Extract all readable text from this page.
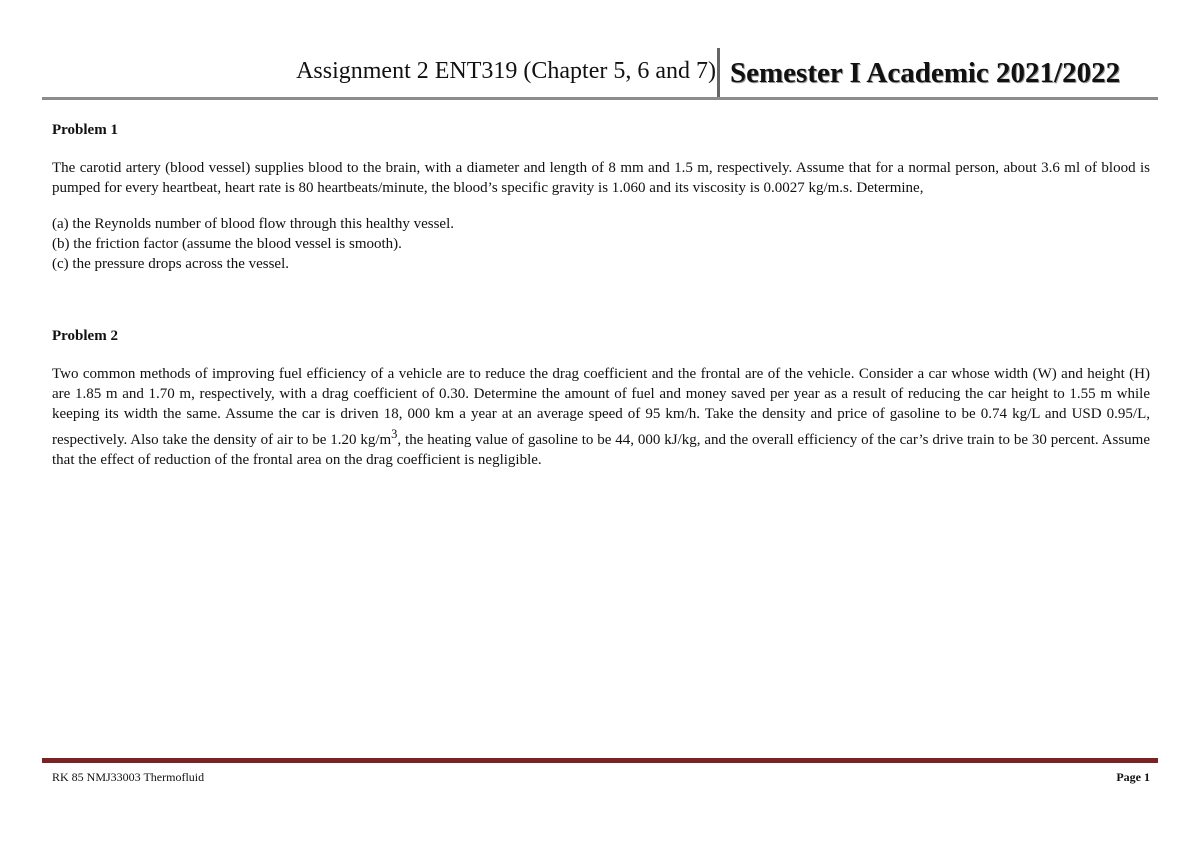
Assignment 2 ENT319 (Chapter 5, 6 and 7) Semester I Academic 2021/2022
Problem 1

The carotid artery (blood vessel) supplies blood to the brain, with a diameter and length of 8 mm and 1.5 m, respectively. Assume that for a normal person, about 3.6 ml of blood is pumped for every heartbeat, heart rate is 80 heartbeats/minute, the blood’s specific gravity is 1.060 and its viscosity is 0.0027 kg/m.s. Determine,

(a) the Reynolds number of blood flow through this healthy vessel.
(b) the friction factor (assume the blood vessel is smooth).
(c) the pressure drops across the vessel.
Problem 2

Two common methods of improving fuel efficiency of a vehicle are to reduce the drag coefficient and the frontal are of the vehicle. Consider a car whose width (W) and height (H) are 1.85 m and 1.70 m, respectively, with a drag coefficient of 0.30. Determine the amount of fuel and money saved per year as a result of reducing the car height to 1.55 m while keeping its width the same. Assume the car is driven 18, 000 km a year at an average speed of 95 km/h. Take the density and price of gasoline to be 0.74 kg/L and USD 0.95/L, respectively. Also take the density of air to be 1.20 $kg/m^3$, the heating value of gasoline to be 44, 000 kJ/kg, and the overall efficiency of the car’s drive train to be 30 percent. Assume that the effect of reduction of the frontal area on the drag coefficient is negligible.

RK 85 NMJ33003 Thermofluid	Page 1
